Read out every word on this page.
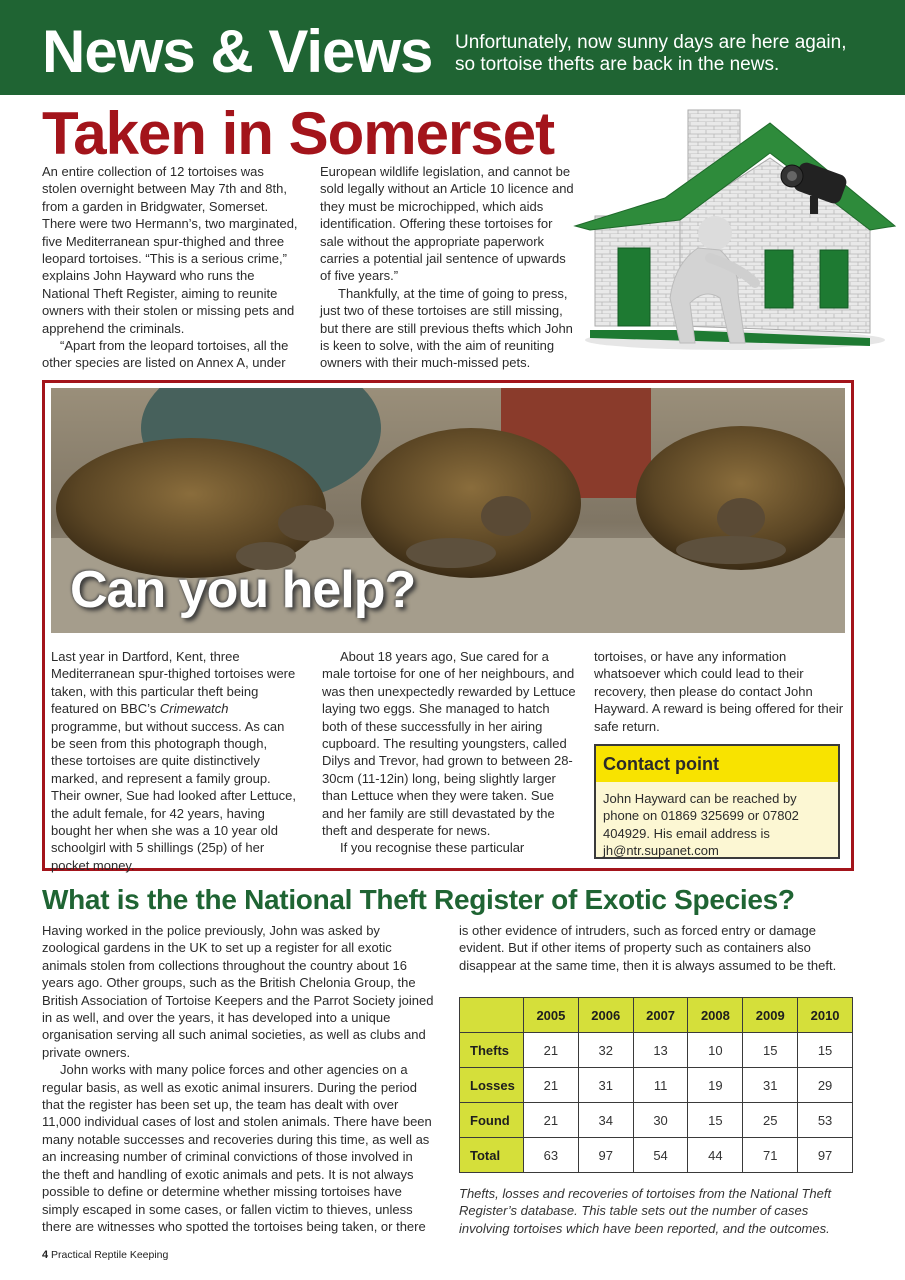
News & Views Unfortunately, now sunny days are here again,
so tortoise thefts are back in the news.
Taken in Somerset

An entire collection of 12 tortoises was stolen overnight between May 7th and 8th, from a garden in Bridgwater, Somerset. There were two Hermann’s, two marginated, five Mediterranean spur-thighed and three leopard tortoises. “This is a serious crime,” explains John Hayward who runs the National Theft Register, aiming to reunite owners with their stolen or missing pets and apprehend the criminals.

“Apart from the leopard tortoises, all the other species are listed on Annex A, under

European wildlife legislation, and cannot be sold legally without an Article 10 licence and they must be microchipped, which aids identification. Offering these tortoises for sale without the appropriate paperwork carries a potential jail sentence of upwards of five years.”

Thankfully, at the time of going to press, just two of these tortoises are still missing, but there are still previous thefts which John is keen to solve, with the aim of reuniting owners with their much-missed pets.

Can you help?

Last year in Dartford, Kent, three Mediterranean spur-thighed tortoises were taken, with this particular theft being featured on BBC’s Crimewatch programme, but without success. As can be seen from this photograph though, these tortoises are quite distinctively marked, and represent a family group. Their owner, Sue had looked after Lettuce, the adult female, for 42 years, having bought her when she was a 10 year old schoolgirl with 5 shillings (25p) of her pocket money.

About 18 years ago, Sue cared for a male tortoise for one of her neighbours, and was then unexpectedly rewarded by Lettuce laying two eggs. She managed to hatch both of these successfully in her airing cupboard. The resulting youngsters, called Dilys and Trevor, had grown to between 28-30cm (11-12in) long, being slightly larger than Lettuce when they were taken. Sue and her family are still devastated by the theft and desperate for news.

If you recognise these particular

tortoises, or have any information whatsoever which could lead to their recovery, then please do contact John Hayward. A reward is being offered for their safe return.

Contact point
John Hayward can be reached by phone on 01869 325699 or 07802 404929. His email address is jh@ntr.supanet.com
What is the the National Theft Register of Exotic Species?

Having worked in the police previously, John was asked by zoological gardens in the UK to set up a register for all exotic animals stolen from collections throughout the country about 16 years ago. Other groups, such as the British Chelonia Group, the British Association of Tortoise Keepers and the Parrot Society joined in as well, and over the years, it has developed into a unique organisation serving all such animal societies, as well as clubs and private owners.

John works with many police forces and other agencies on a regular basis, as well as exotic animal insurers. During the period that the register has been set up, the team has dealt with over 11,000 individual cases of lost and stolen animals. There have been many notable successes and recoveries during this time, as well as an increasing number of criminal convictions of those involved in the theft and handling of exotic animals and pets. It is not always possible to define or determine whether missing tortoises have simply escaped in some cases, or fallen victim to thieves, unless there are witnesses who spotted the tortoises being taken, or there

is other evidence of intruders, such as forced entry or damage evident. But if other items of property such as containers also disappear at the same time, then it is always assumed to be theft.

	2005	2006	2007	2008	2009	2010
Thefts	21	32	13	10	15	15
Losses	21	31	11	19	31	29
Found	21	34	30	15	25	53
Total	63	97	54	44	71	97
Thefts, losses and recoveries of tortoises from the National Theft Register’s database. This table sets out the number of cases involving tortoises which have been reported, and the outcomes.
4 Practical Reptile Keeping
